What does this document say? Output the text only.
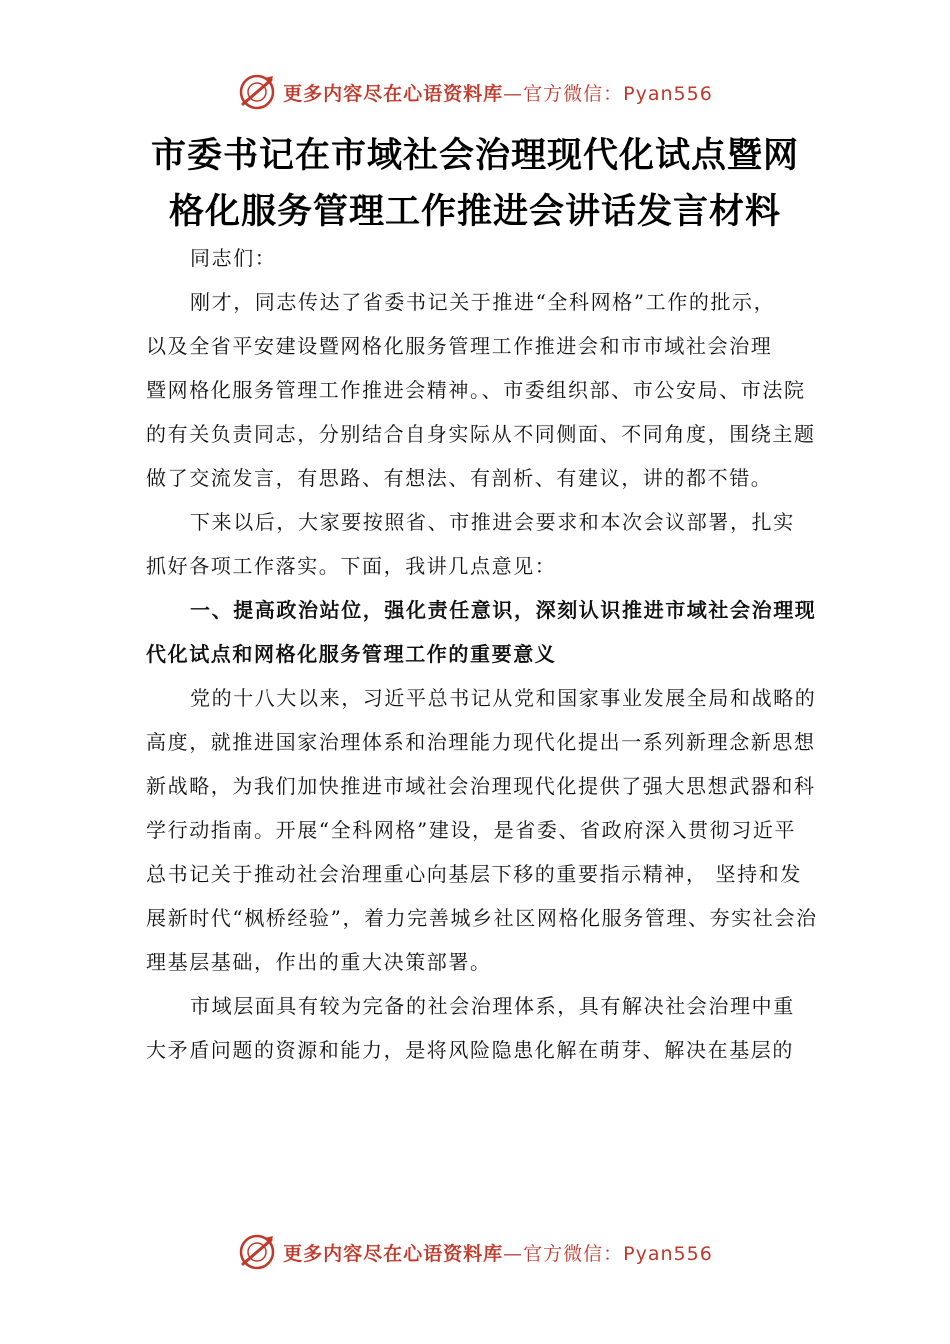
更多内容尽在心语资料库—官方微信：Pyan556
市委书记在市域社会治理现代化试点暨网
格化服务管理工作推进会讲话发言材料

同志们：

刚才，同志传达了省委书记关于推进“全科网格”工作的批示，
以及全省平安建设暨网格化服务管理工作推进会和市市域社会治理
暨网格化服务管理工作推进会精神。、市委组织部、市公安局、市法院
的有关负责同志，分别结合自身实际从不同侧面、不同角度，围绕主题
做了交流发言，有思路、有想法、有剖析、有建议，讲的都不错。

下来以后，大家要按照省、市推进会要求和本次会议部署，扎实
抓好各项工作落实。下面，我讲几点意见：

一、提高政治站位，强化责任意识，深刻认识推进市域社会治理现
代化试点和网格化服务管理工作的重要意义

党的十八大以来，习近平总书记从党和国家事业发展全局和战略的
高度，就推进国家治理体系和治理能力现代化提出一系列新理念新思想
新战略，为我们加快推进市域社会治理现代化提供了强大思想武器和科
学行动指南。开展“全科网格”建设，是省委、省政府深入贯彻习近平
总书记关于推动社会治理重心向基层下移的重要指示精神， 坚持和发
展新时代“枫桥经验”，着力完善城乡社区网格化服务管理、夯实社会治
理基层基础，作出的重大决策部署。

市域层面具有较为完备的社会治理体系，具有解决社会治理中重
大矛盾问题的资源和能力，是将风险隐患化解在萌芽、解决在基层的

更多内容尽在心语资料库—官方微信：Pyan556
